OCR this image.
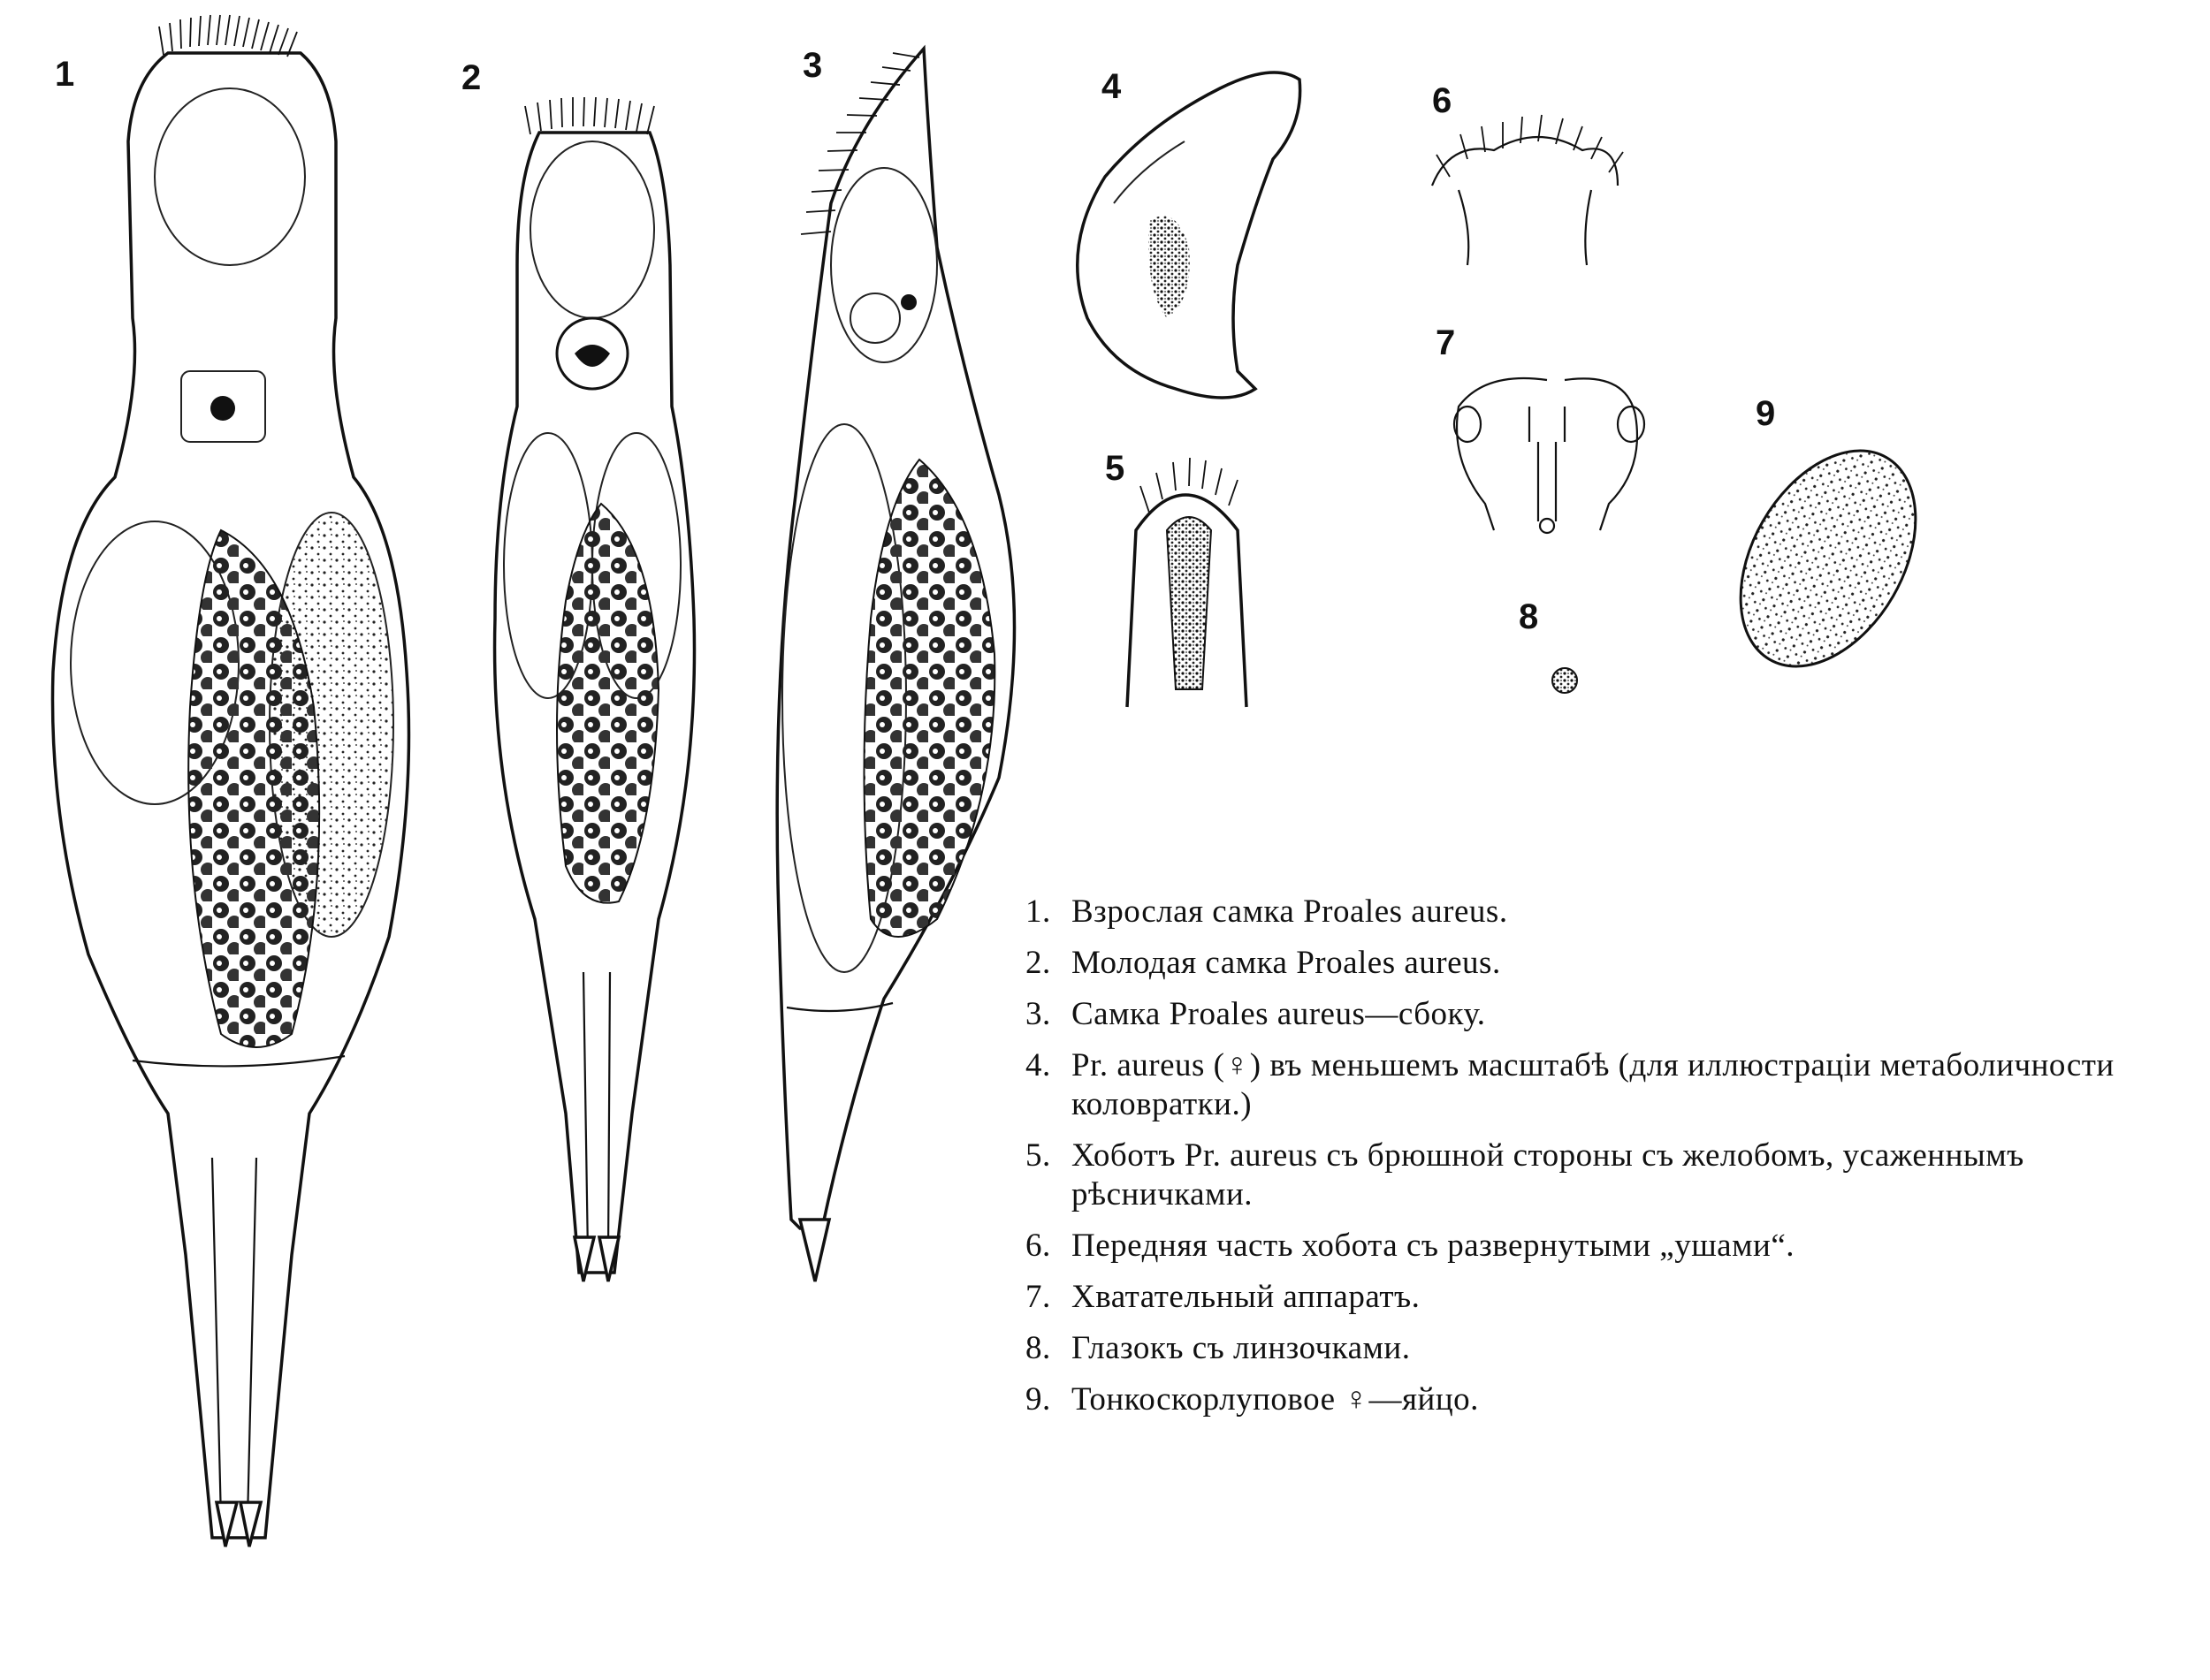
1	2	3
4
5
6
7
8
9
1. Взрослая самка Proales aureus.
2. Молодая самка Proales aureus.
3. Самка Proales aureus—сбоку.
4. Pr. aureus (♀) въ меньшемъ масштабѣ (для иллюстраціи метаболичности коловратки.)
5. Хоботъ Pr. aureus съ брюшной стороны съ желобомъ, усаженнымъ рѣсничками.
6. Передняя часть хобота съ развернутыми „ушами“.
7. Хватательный аппаратъ.
8. Глазокъ съ линзочками.
9. Тонкоскорлуповое ♀—яйцо.
